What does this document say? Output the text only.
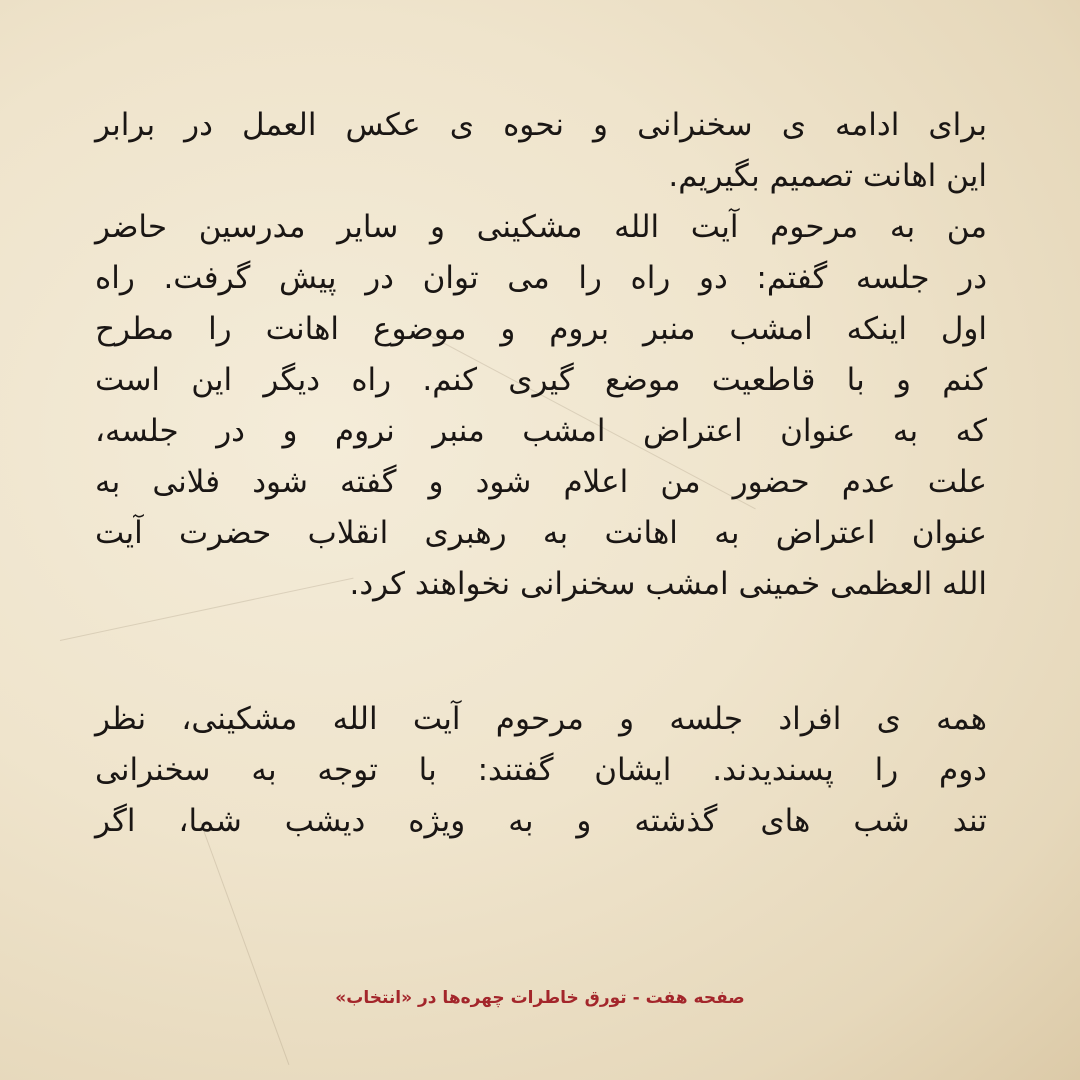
برای ادامه ی سخنرانی و نحوه ی عکس العمل در برابر
این اهانت تصمیم بگیریم.
من به مرحوم آیت الله مشکینی و سایر مدرسین حاضر
در جلسه گفتم: دو راه را می توان در پیش گرفت. راه
اول اینکه امشب منبر بروم و موضوع اهانت را مطرح
کنم و با قاطعیت موضع گیری کنم. راه دیگر این است
که به عنوان اعتراض امشب منبر نروم و در جلسه،
علت عدم حضور من اعلام شود و گفته شود فلانی به
عنوان اعتراض به اهانت به رهبری انقلاب حضرت آیت
الله العظمی خمینی امشب سخنرانی نخواهند کرد.
همه ی افراد جلسه و مرحوم آیت الله مشکینی، نظر
دوم را پسندیدند. ایشان گفتند: با توجه به سخنرانی
تند شب های گذشته و به ویژه دیشب شما، اگر
صفحه هفت - تورق خاطرات چهره‌ها در «انتخاب»
